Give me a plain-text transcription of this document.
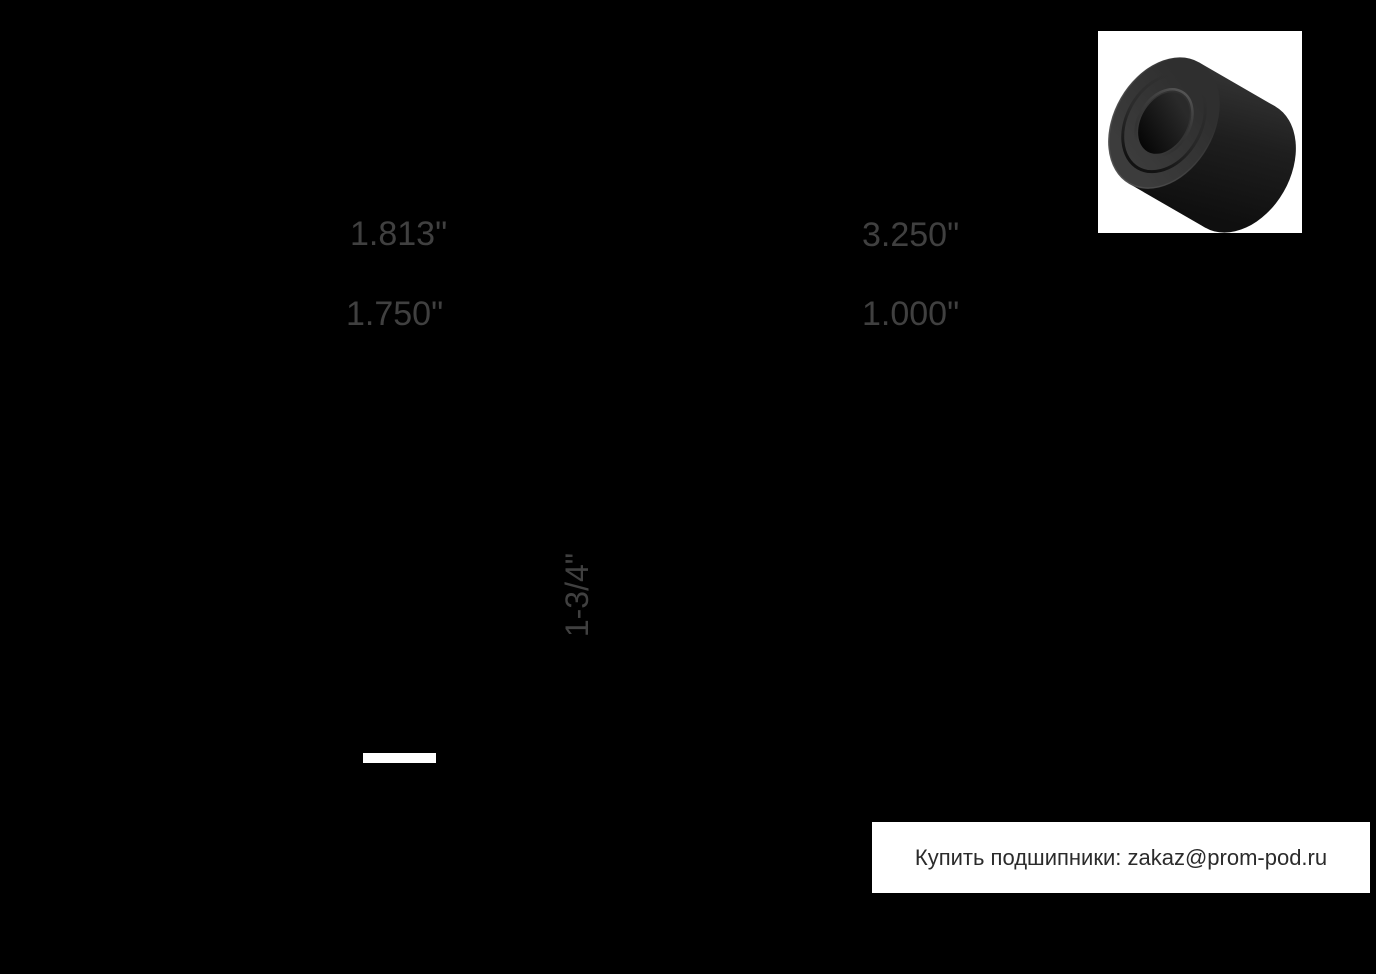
1.813"	3.250"
1.750"	1.000"
1-3/4"
Купить подшипники: zakaz@prom-pod.ru
